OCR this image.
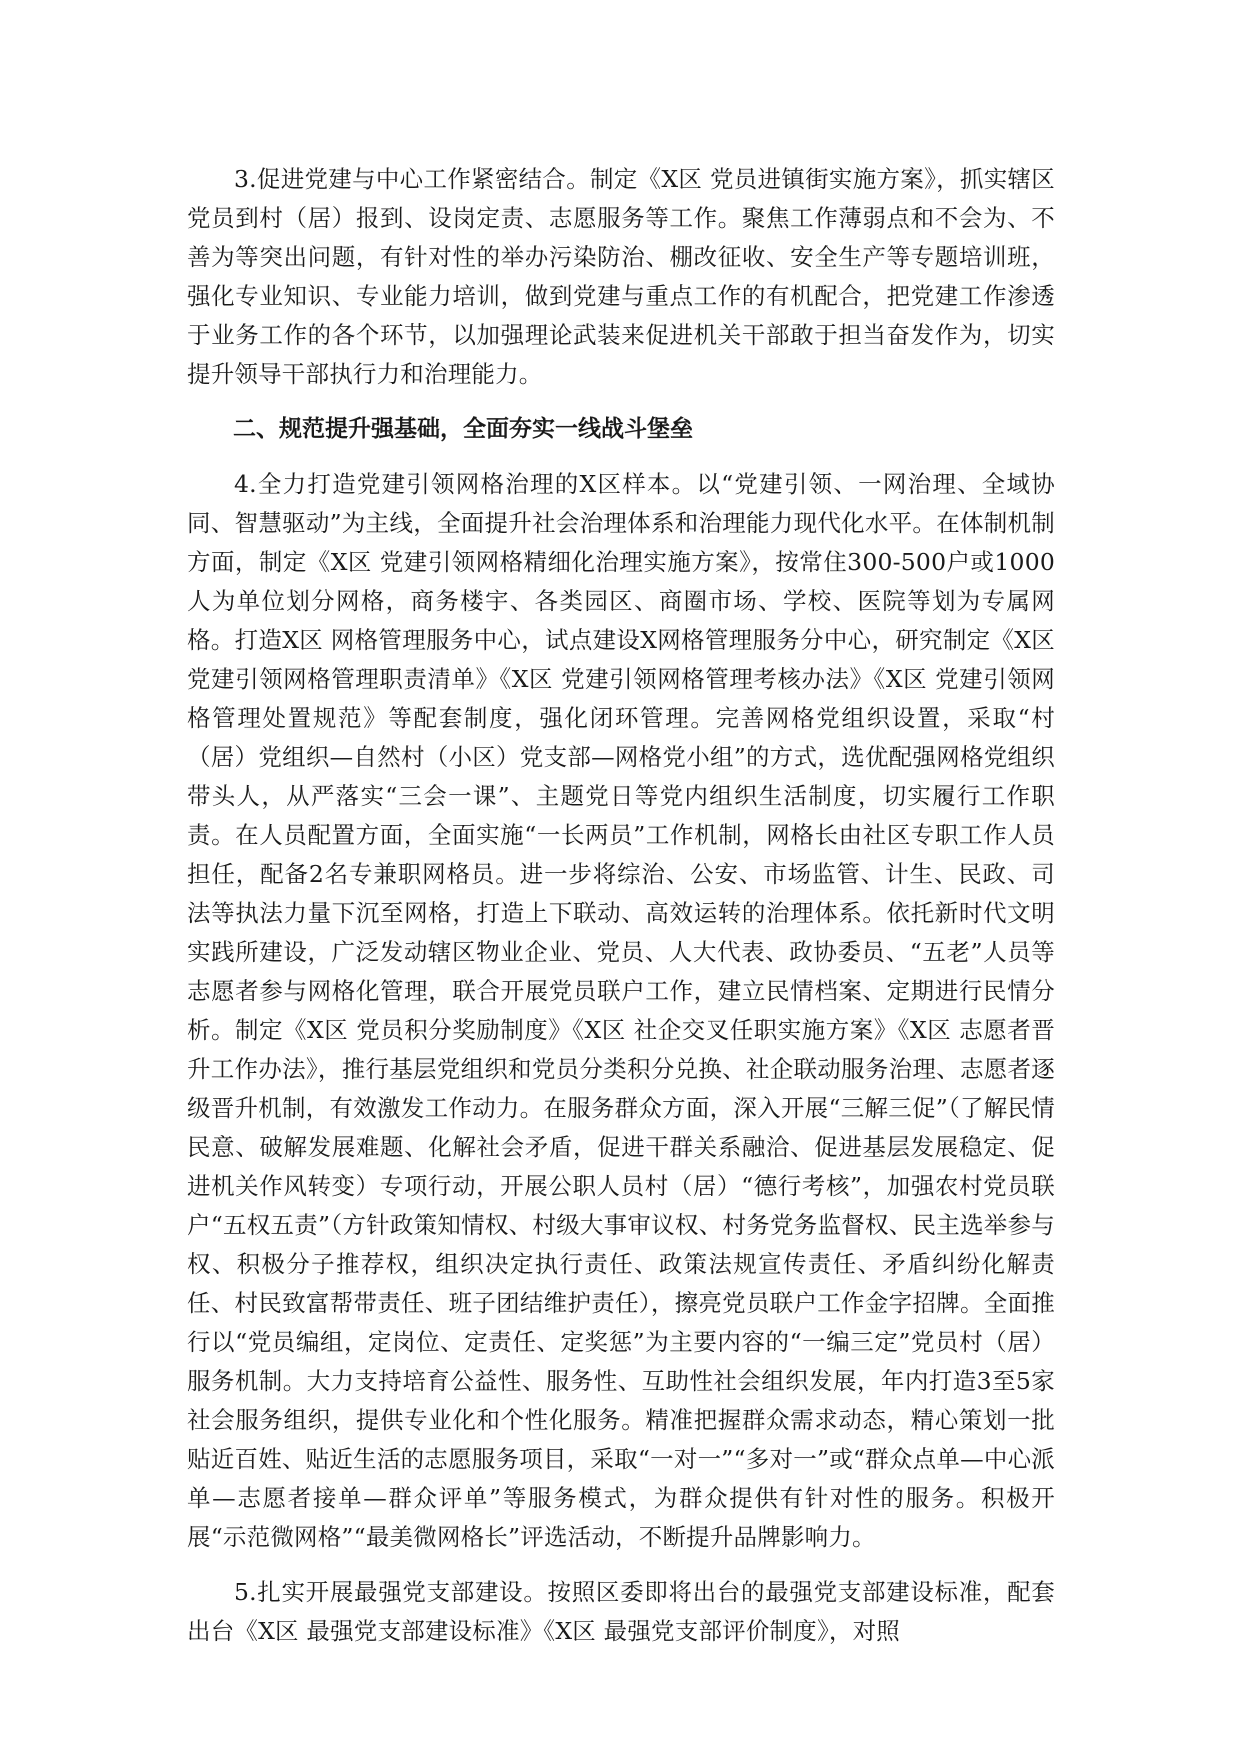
3.促进党建与中心工作紧密结合。制定《X区 党员进镇街实施方案》，抓实辖区党员到村（居）报到、设岗定责、志愿服务等工作。聚焦工作薄弱点和不会为、不善为等突出问题，有针对性的举办污染防治、棚改征收、安全生产等专题培训班，强化专业知识、专业能力培训，做到党建与重点工作的有机配合，把党建工作渗透于业务工作的各个环节，以加强理论武装来促进机关干部敢于担当奋发作为，切实提升领导干部执行力和治理能力。

二、规范提升强基础，全面夯实一线战斗堡垒

4.全力打造党建引领网格治理的X区样本。以“党建引领、一网治理、全域协同、智慧驱动”为主线，全面提升社会治理体系和治理能力现代化水平。在体制机制方面，制定《X区 党建引领网格精细化治理实施方案》，按常住300-500户或1000人为单位划分网格，商务楼宇、各类园区、商圈市场、学校、医院等划为专属网格。打造X区 网格管理服务中心，试点建设X网格管理服务分中心，研究制定《X区 党建引领网格管理职责清单》《X区 党建引领网格管理考核办法》《X区 党建引领网格管理处置规范》等配套制度，强化闭环管理。完善网格党组织设置，采取“村（居）党组织—自然村（小区）党支部—网格党小组”的方式，选优配强网格党组织带头人，从严落实“三会一课”、主题党日等党内组织生活制度，切实履行工作职责。在人员配置方面，全面实施“一长两员”工作机制，网格长由社区专职工作人员担任，配备2名专兼职网格员。进一步将综治、公安、市场监管、计生、民政、司法等执法力量下沉至网格，打造上下联动、高效运转的治理体系。依托新时代文明实践所建设，广泛发动辖区物业企业、党员、人大代表、政协委员、“五老”人员等志愿者参与网格化管理，联合开展党员联户工作，建立民情档案、定期进行民情分析。制定《X区 党员积分奖励制度》《X区 社企交叉任职实施方案》《X区 志愿者晋升工作办法》，推行基层党组织和党员分类积分兑换、社企联动服务治理、志愿者逐级晋升机制，有效激发工作动力。在服务群众方面，深入开展“三解三促”（了解民情民意、破解发展难题、化解社会矛盾，促进干群关系融洽、促进基层发展稳定、促进机关作风转变）专项行动，开展公职人员村（居）“德行考核”，加强农村党员联户“五权五责”（方针政策知情权、村级大事审议权、村务党务监督权、民主选举参与权、积极分子推荐权，组织决定执行责任、政策法规宣传责任、矛盾纠纷化解责任、村民致富帮带责任、班子团结维护责任），擦亮党员联户工作金字招牌。全面推行以“党员编组，定岗位、定责任、定奖惩”为主要内容的“一编三定”党员村（居）服务机制。大力支持培育公益性、服务性、互助性社会组织发展，年内打造3至5家社会服务组织，提供专业化和个性化服务。精准把握群众需求动态，精心策划一批贴近百姓、贴近生活的志愿服务项目，采取“一对一”“多对一”或“群众点单—中心派单—志愿者接单—群众评单”等服务模式，为群众提供有针对性的服务。积极开展“示范微网格”“最美微网格长”评选活动，不断提升品牌影响力。

5.扎实开展最强党支部建设。按照区委即将出台的最强党支部建设标准，配套出台《X区 最强党支部建设标准》《X区 最强党支部评价制度》，对照
